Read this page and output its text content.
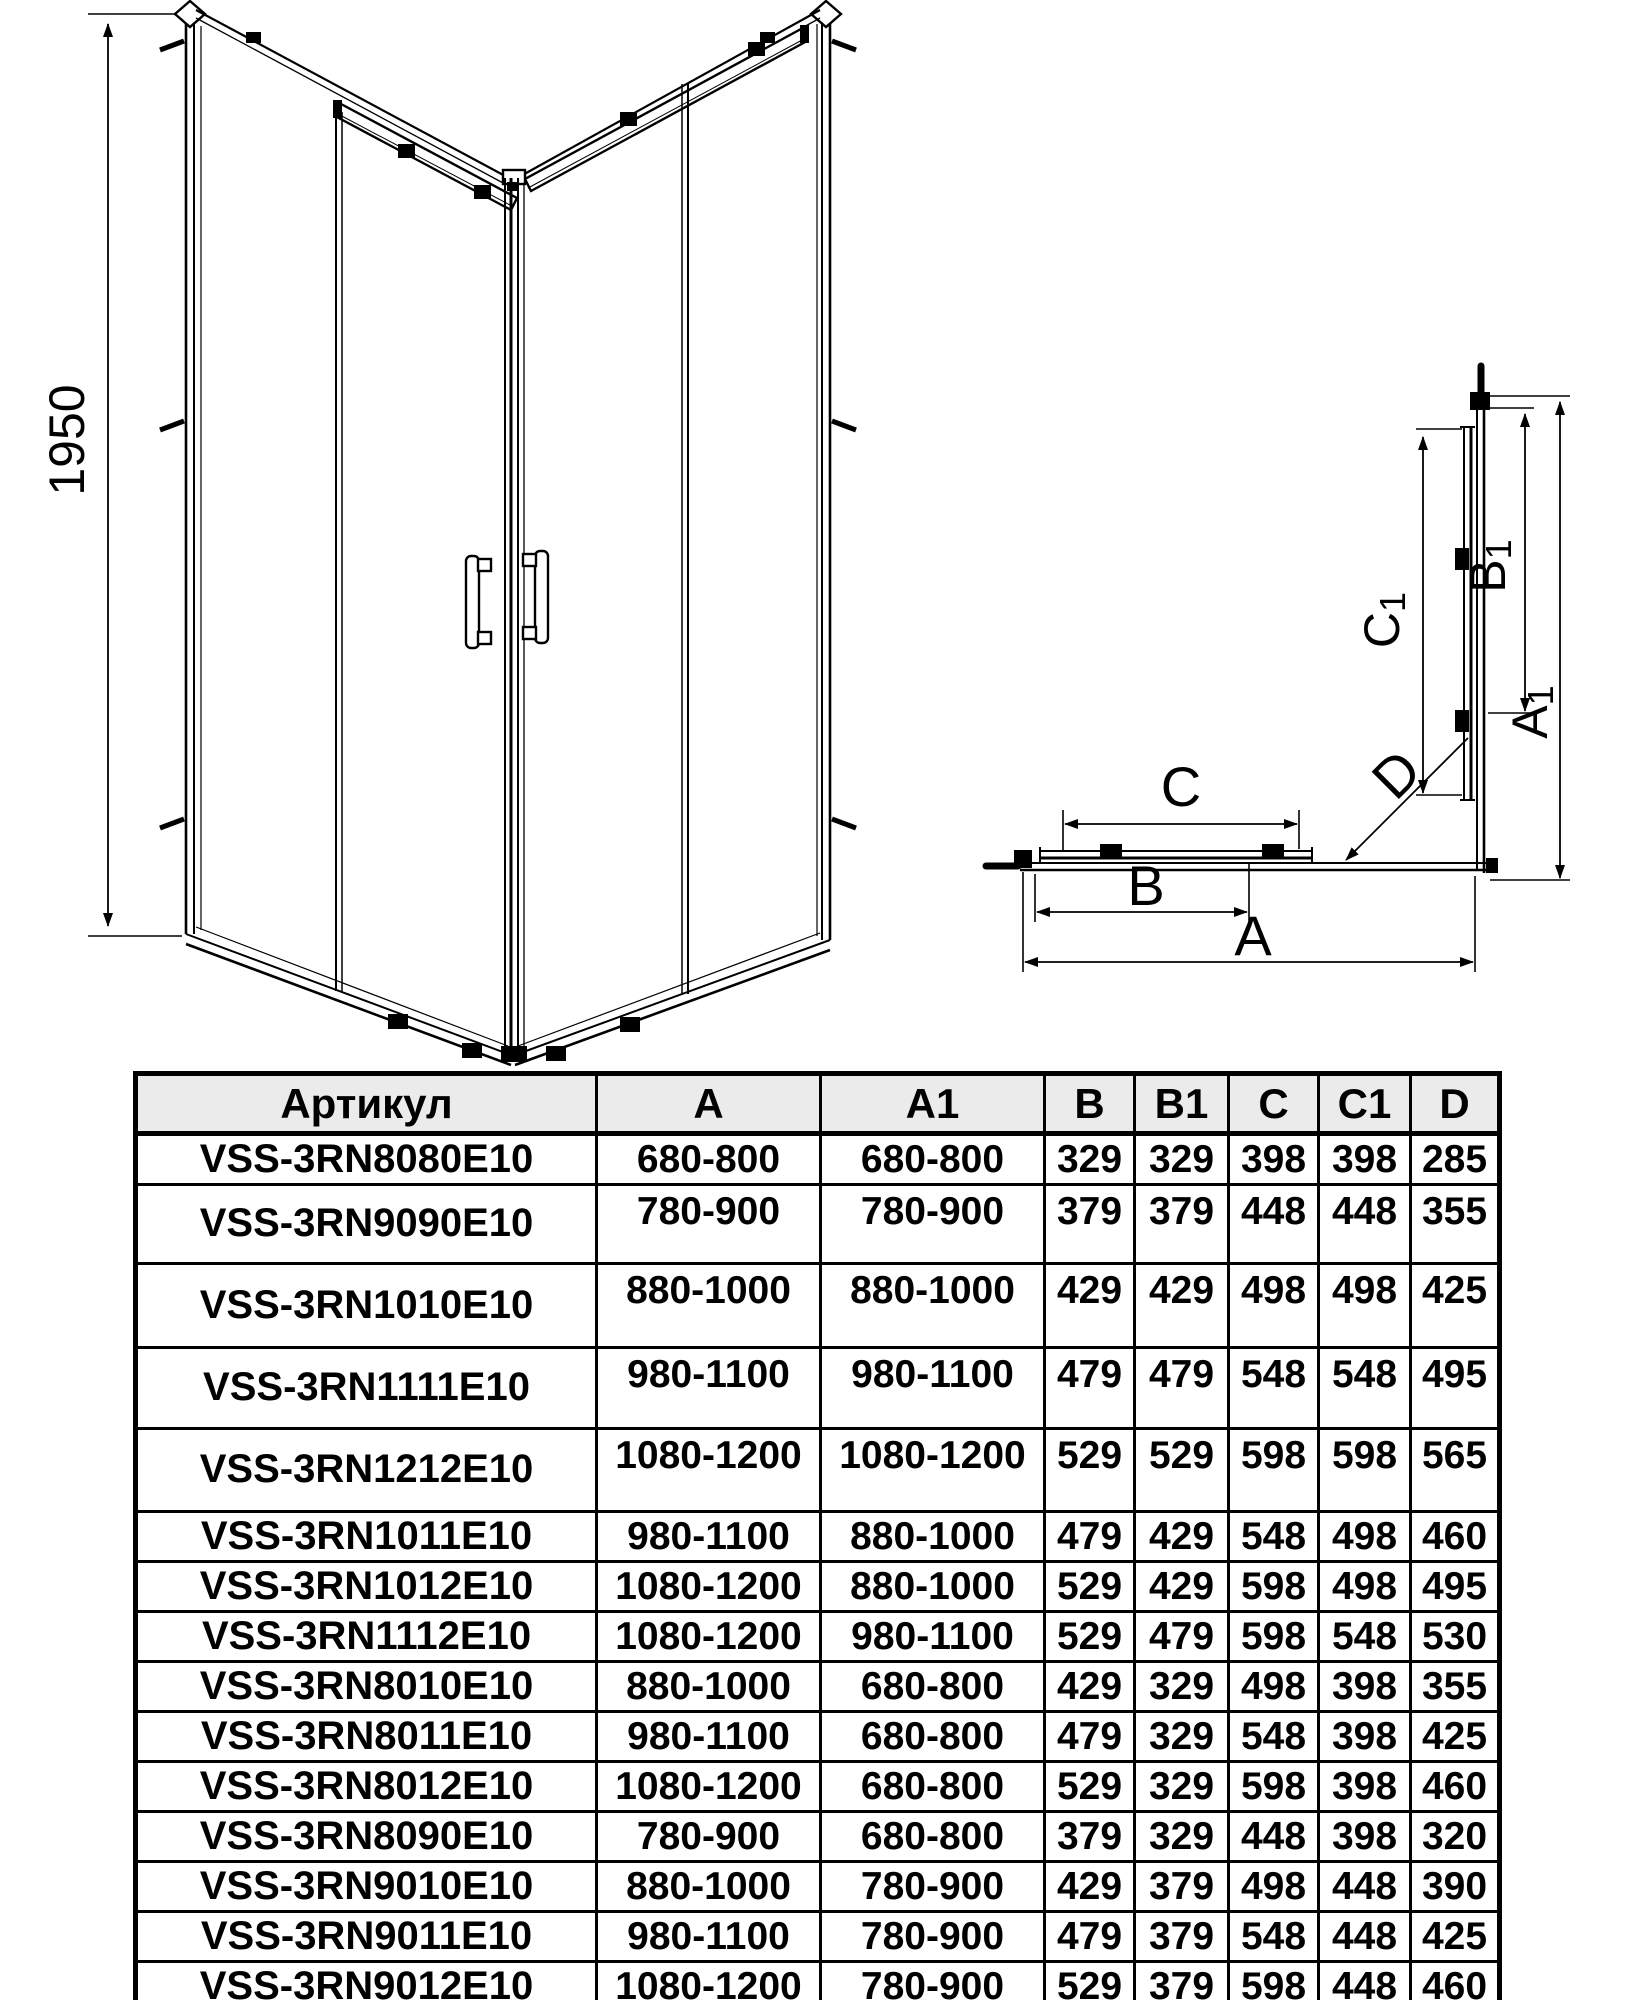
1950
D
C
B
A
A1
B1
C1
Артикул	A	A1	B	B1	C	C1	D
VSS-3RN8080E10	680-800	680-800	329	329	398	398	285
VSS-3RN9090E10	780-900	780-900	379	379	448	448	355
VSS-3RN1010E10	880-1000	880-1000	429	429	498	498	425
VSS-3RN1111E10	980-1100	980-1100	479	479	548	548	495
VSS-3RN1212E10	1080-1200	1080-1200	529	529	598	598	565
VSS-3RN1011E10	980-1100	880-1000	479	429	548	498	460
VSS-3RN1012E10	1080-1200	880-1000	529	429	598	498	495
VSS-3RN1112E10	1080-1200	980-1100	529	479	598	548	530
VSS-3RN8010E10	880-1000	680-800	429	329	498	398	355
VSS-3RN8011E10	980-1100	680-800	479	329	548	398	425
VSS-3RN8012E10	1080-1200	680-800	529	329	598	398	460
VSS-3RN8090E10	780-900	680-800	379	329	448	398	320
VSS-3RN9010E10	880-1000	780-900	429	379	498	448	390
VSS-3RN9011E10	980-1100	780-900	479	379	548	448	425
VSS-3RN9012E10	1080-1200	780-900	529	379	598	448	460
